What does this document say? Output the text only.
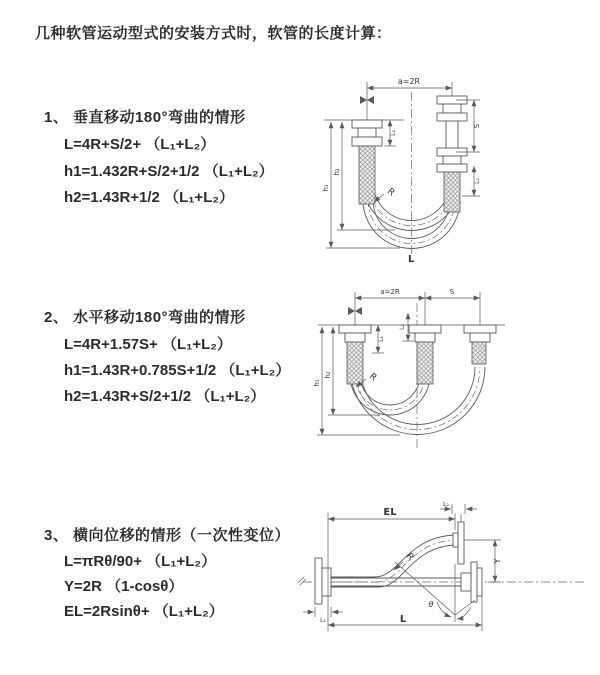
几种软管运动型式的安装方式时，软管的长度计算：
1、 垂直移动180°弯曲的情形
L=4R+S/2+ （L₁+L₂）
h1=1.432R+S/2+1/2 （L₁+L₂）
h2=1.43R+1/2 （L₁+L₂）
2、 水平移动180°弯曲的情形
L=4R+1.57S+ （L₁+L₂）
h1=1.43R+0.785S+1/2 （L₁+L₂）
h2=1.43R+S/2+1/2 （L₁+L₂）
3、 横向位移的情形（一次性变位）
L=πRθ/90+ （L₁+L₂）
Y=2R （1-cosθ）
EL=2Rsinθ+ （L₁+L₂）
a=2R
S
L₂
L₁
h₁
h₂
R
L
a=2R	S
L₁
L₂
h₁
h₂	R
θ
R
EL
L₂
Y
L₁	L
